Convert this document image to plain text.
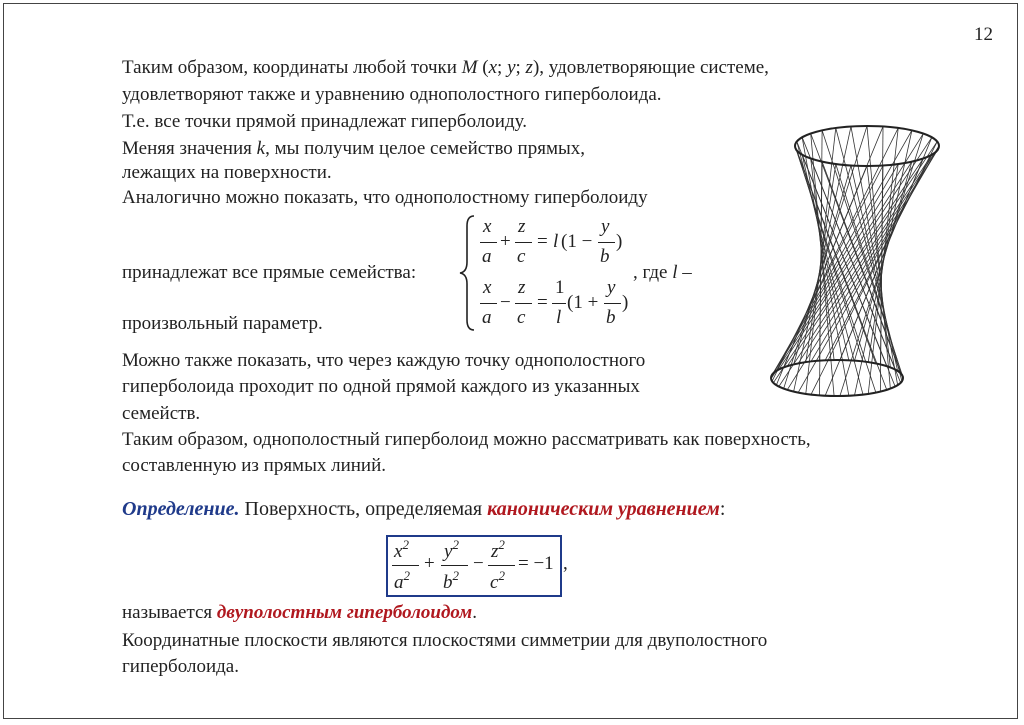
12
Таким образом, координаты любой точки M (x; y; z), удовлетворяющие системе,
удовлетворяют также и уравнению однополостного гиперболоида.
Т.е. все точки прямой принадлежат гиперболоиду.
Меняя значения k, мы получим целое семейство прямых,
лежащих на поверхности.
Аналогично можно показать, что однополостному гиперболоиду
принадлежат все прямые семейства:	, где l –
произвольный параметр.
x
a
+
z
c
= l (1 −
y
b
)
x
a
−
z
c
=
1
l
(1 +
y
b
)
Можно также показать, что через каждую точку однополостного
гиперболоида проходит по одной прямой каждого из указанных
семейств.
Таким образом, однополостный гиперболоид можно рассматривать как поверхность,
составленную из прямых линий.
Определение. Поверхность, определяемая каноническим уравнением:
$x^2$
$a^2$
+
$y^2$
$b^2$
−
$z^2$
$c^2$
= −1 ,
называется двуполостным гиперболоидом.
Координатные плоскости являются плоскостями симметрии для двуполостного
гиперболоида.
